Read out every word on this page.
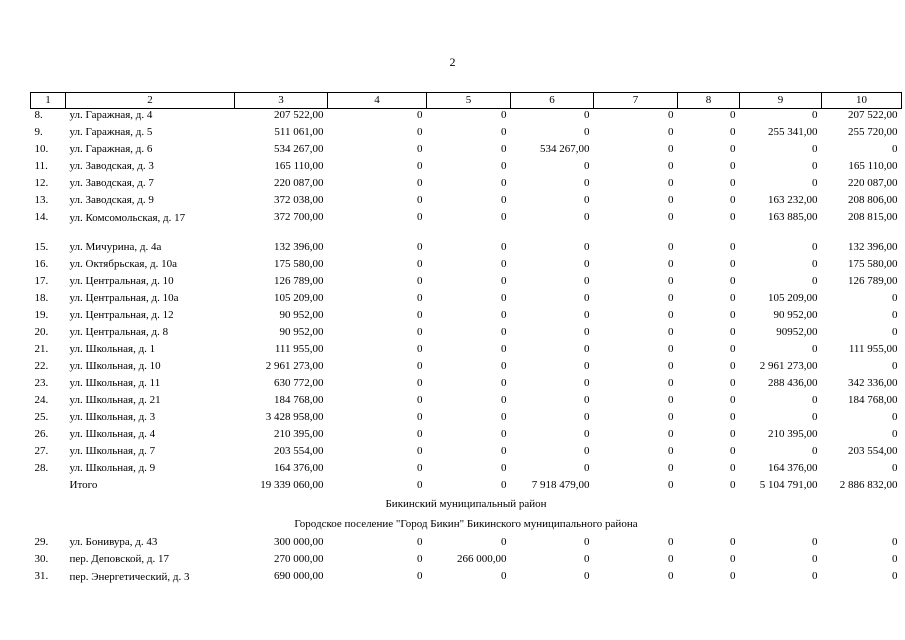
2
1	2	3	4	5	6	7	8	9	10
8.	ул. Гаражная, д. 4	207 522,00	0	0	0	0	0	0	207 522,00
9.	ул. Гаражная, д. 5	511 061,00	0	0	0	0	0	255 341,00	255 720,00
10.	ул. Гаражная, д. 6	534 267,00	0	0	534 267,00	0	0	0	0
11.	ул. Заводская, д. 3	165 110,00	0	0	0	0	0	0	165 110,00
12.	ул. Заводская, д. 7	220 087,00	0	0	0	0	0	0	220 087,00
13.	ул. Заводская, д. 9	372 038,00	0	0	0	0	0	163 232,00	208 806,00
14.	ул. Комсомольская, д. 17	372 700,00	0	0	0	0	0	163 885,00	208 815,00
15.	ул. Мичурина, д. 4а	132 396,00	0	0	0	0	0	0	132 396,00
16.	ул. Октябрьская, д. 10а	175 580,00	0	0	0	0	0	0	175 580,00
17.	ул. Центральная, д. 10	126 789,00	0	0	0	0	0	0	126 789,00
18.	ул. Центральная, д. 10а	105 209,00	0	0	0	0	0	105 209,00	0
19.	ул. Центральная, д. 12	90 952,00	0	0	0	0	0	90 952,00	0
20.	ул. Центральная, д. 8	90 952,00	0	0	0	0	0	90952,00	0
21.	ул. Школьная, д. 1	111 955,00	0	0	0	0	0	0	111 955,00
22.	ул. Школьная, д. 10	2 961 273,00	0	0	0	0	0	2 961 273,00	0
23.	ул. Школьная, д. 11	630 772,00	0	0	0	0	0	288 436,00	342 336,00
24.	ул. Школьная, д. 21	184 768,00	0	0	0	0	0	0	184 768,00
25.	ул. Школьная, д. 3	3 428 958,00	0	0	0	0	0	0	0
26.	ул. Школьная, д. 4	210 395,00	0	0	0	0	0	210 395,00	0
27.	ул. Школьная, д. 7	203 554,00	0	0	0	0	0	0	203 554,00
28.	ул. Школьная, д. 9	164 376,00	0	0	0	0	0	164 376,00	0
	Итого	19 339 060,00	0	0	7 918 479,00	0	0	5 104 791,00	2 886 832,00
Бикинский муниципальный район									
Городское поселение "Город Бикин" Бикинского муниципального района									
29.	ул. Бонивура, д. 43	300 000,00	0	0	0	0	0	0	0
30.	пер. Деповской, д. 17	270 000,00	0	266 000,00	0	0	0	0	0
31.	пер. Энергетический, д. 3	690 000,00	0	0	0	0	0	0	0
